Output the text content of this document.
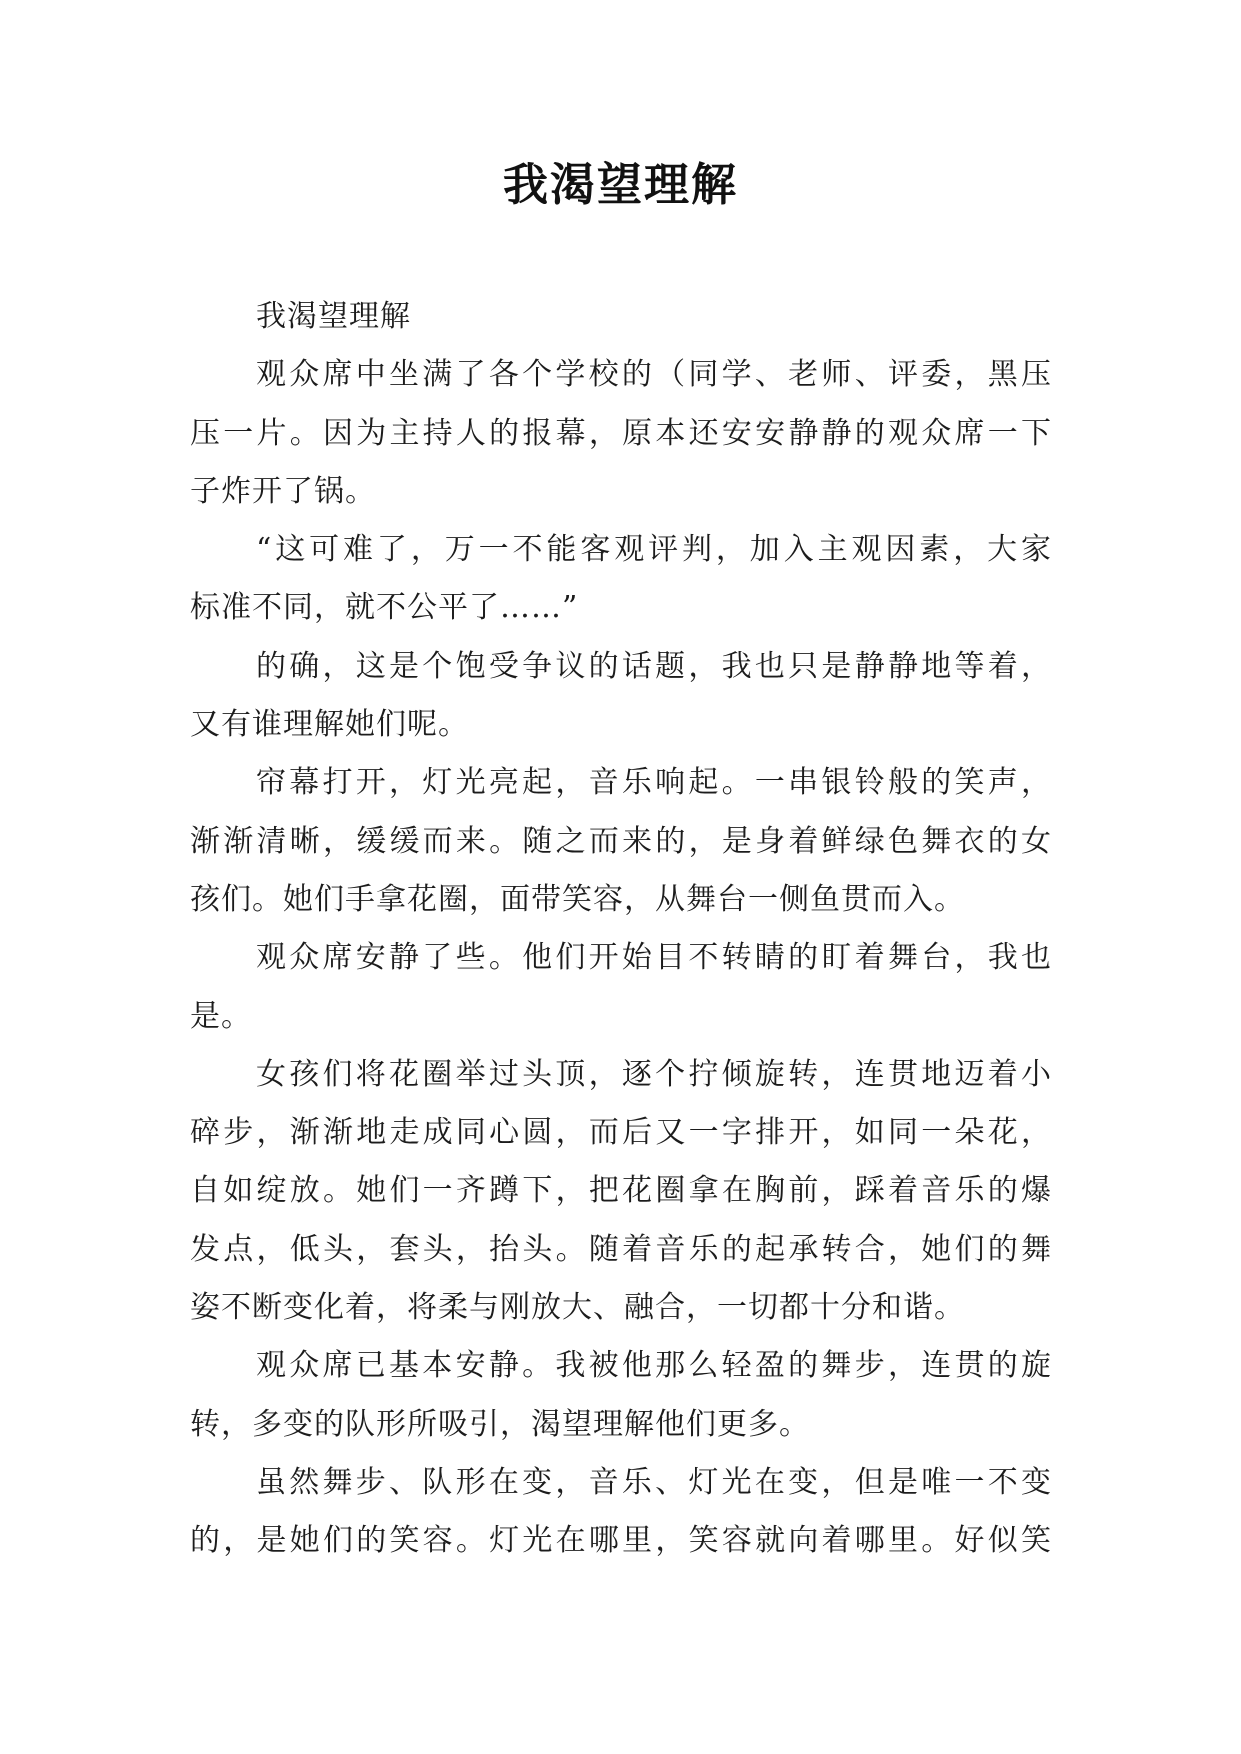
我渴望理解
我渴望理解
观众席中坐满了各个学校的（同学、老师、评委，黑压
压一片。因为主持人的报幕，原本还安安静静的观众席一下
子炸开了锅。
“这可难了，万一不能客观评判，加入主观因素，大家
标准不同，就不公平了……”
的确，这是个饱受争议的话题，我也只是静静地等着，
又有谁理解她们呢。
帘幕打开，灯光亮起，音乐响起。一串银铃般的笑声，
渐渐清晰，缓缓而来。随之而来的，是身着鲜绿色舞衣的女
孩们。她们手拿花圈，面带笑容，从舞台一侧鱼贯而入。
观众席安静了些。他们开始目不转睛的盯着舞台，我也
是。
女孩们将花圈举过头顶，逐个拧倾旋转，连贯地迈着小
碎步，渐渐地走成同心圆，而后又一字排开，如同一朵花，
自如绽放。她们一齐蹲下，把花圈拿在胸前，踩着音乐的爆
发点，低头，套头，抬头。随着音乐的起承转合，她们的舞
姿不断变化着，将柔与刚放大、融合，一切都十分和谐。
观众席已基本安静。我被他那么轻盈的舞步，连贯的旋
转，多变的队形所吸引，渴望理解他们更多。
虽然舞步、队形在变，音乐、灯光在变，但是唯一不变
的，是她们的笑容。灯光在哪里，笑容就向着哪里。好似笑
